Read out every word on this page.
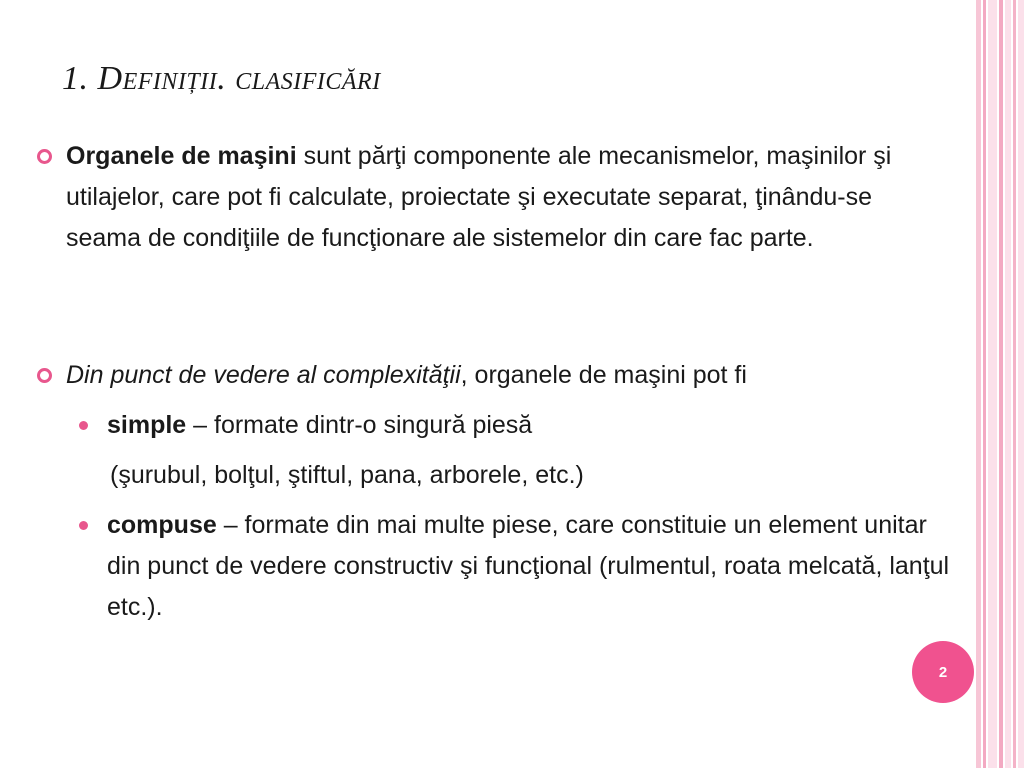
1. Definiții. clasificări
Organele de maşini sunt părţi componente ale mecanismelor, maşinilor şi utilajelor, care pot fi calculate, proiectate şi executate separat, ţinându-se seama de condiţiile de funcţionare ale sistemelor din care fac parte.
Din punct de vedere al complexităţii, organele de maşini pot fi
simple – formate dintr-o singură piesă
(şurubul, bolţul, ştiftul, pana, arborele, etc.)
compuse – formate din mai multe piese, care constituie un element unitar din punct de vedere constructiv şi funcţional (rulmentul, roata melcată, lanţul etc.).
2
